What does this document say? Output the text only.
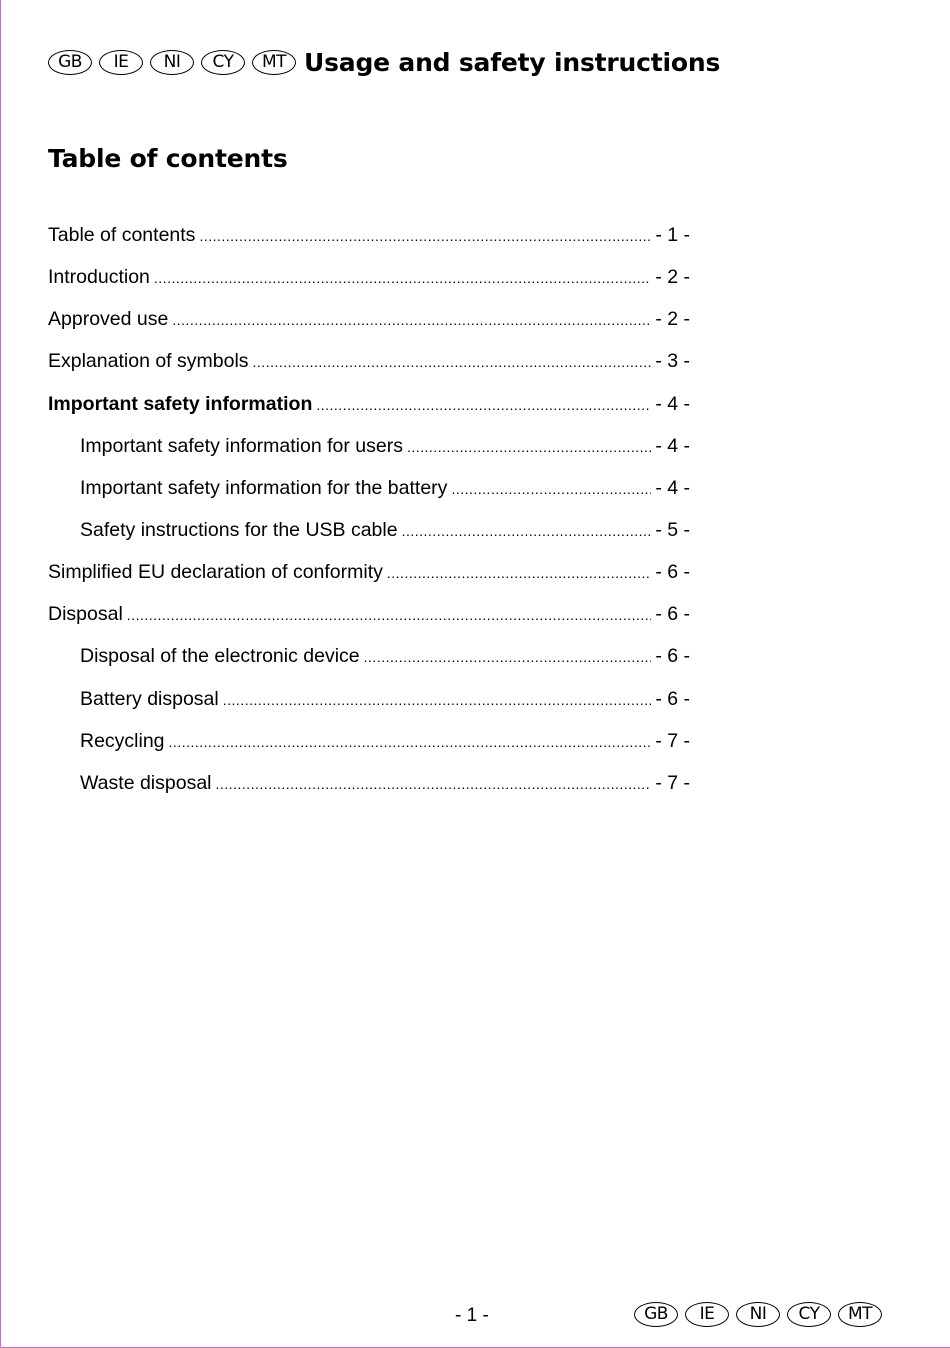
GB	IE	NI	CY	MT Usage and safety instructions
Table of contents
Table of contents .....	- 1 -
Introduction .....	- 2 -
Approved use .....	- 2 -
Explanation of symbols .....	- 3 -
Important safety information .....	- 4 -
Important safety information for users .....	- 4 -
Important safety information for the battery .....	- 4 -
Safety instructions for the USB cable .....	- 5 -
Simplified EU declaration of conformity .....	- 6 -
Disposal .....	- 6 -
Disposal of the electronic device .....	- 6 -
Battery disposal .....	- 6 -
Recycling .....	- 7 -
Waste disposal .....	- 7 -
- 1 -	GB	IE	NI	CY	MT
